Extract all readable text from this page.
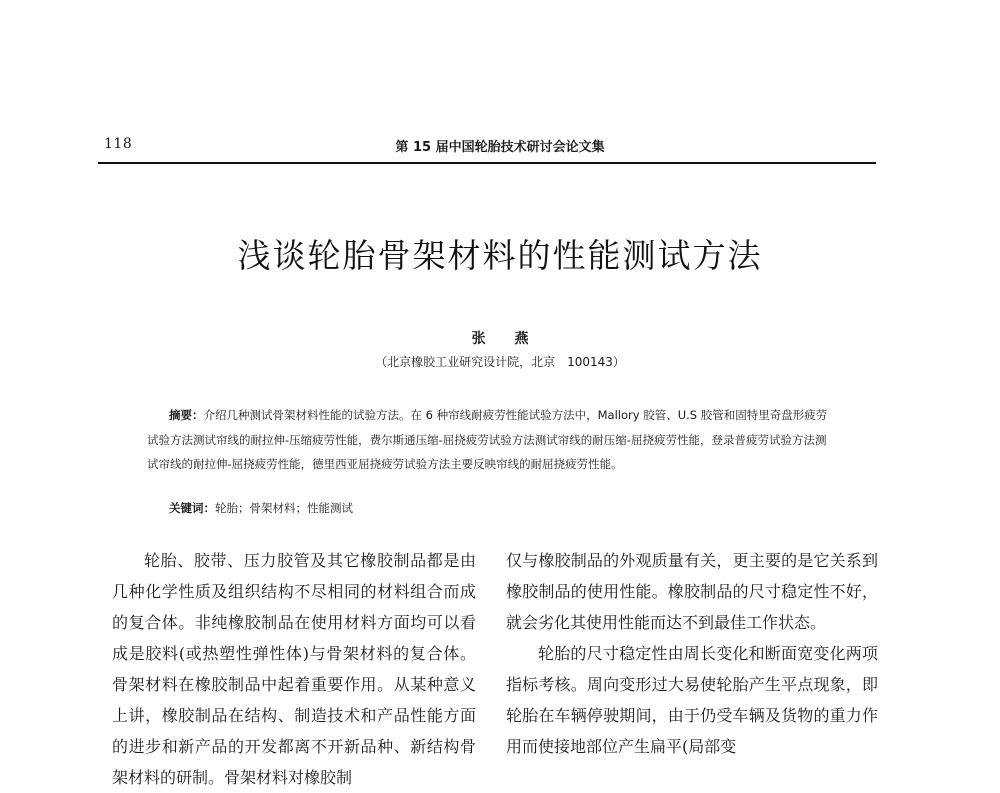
118	第 15 届中国轮胎技术研讨会论文集
浅谈轮胎骨架材料的性能测试方法
张 燕
（北京橡胶工业研究设计院，北京　100143）
摘要：介绍几种测试骨架材料性能的试验方法。在 6 种帘线耐疲劳性能试验方法中，Mallory 胶管、U.S 胶管和固特里奇盘形疲劳试验方法测试帘线的耐拉伸-压缩疲劳性能，费尔斯通压缩-屈挠疲劳试验方法测试帘线的耐压缩-屈挠疲劳性能，登录普疲劳试验方法测试帘线的耐拉伸-屈挠疲劳性能，德里西亚屈挠疲劳试验方法主要反映帘线的耐屈挠疲劳性能。
关键词：轮胎；骨架材料；性能测试

轮胎、胶带、压力胶管及其它橡胶制品都是由几种化学性质及组织结构不尽相同的材料组合而成的复合体。非纯橡胶制品在使用材料方面均可以看成是胶料(或热塑性弹性体)与骨架材料的复合体。骨架材料在橡胶制品中起着重要作用。从某种意义上讲，橡胶制品在结构、制造技术和产品性能方面的进步和新产品的开发都离不开新品种、新结构骨架材料的研制。骨架材料对橡胶制

仅与橡胶制品的外观质量有关，更主要的是它关系到橡胶制品的使用性能。橡胶制品的尺寸稳定性不好，就会劣化其使用性能而达不到最佳工作状态。

轮胎的尺寸稳定性由周长变化和断面宽变化两项指标考核。周向变形过大易使轮胎产生平点现象，即轮胎在车辆停驶期间，由于仍受车辆及货物的重力作用而使接地部位产生扁平(局部变
